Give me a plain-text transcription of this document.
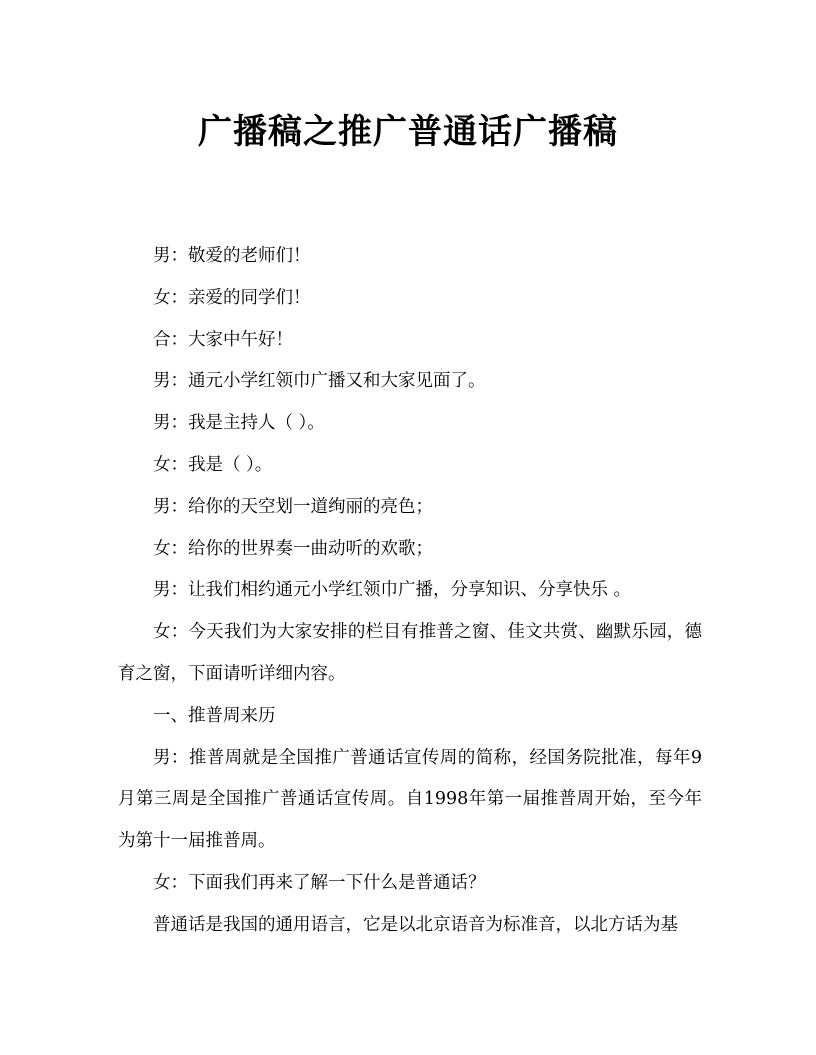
广播稿之推广普通话广播稿

男：敬爱的老师们！

女：亲爱的同学们！

合：大家中午好！

男：通元小学红领巾广播又和大家见面了。

男：我是主持人（ ）。

女：我是（ ）。

男：给你的天空划一道绚丽的亮色；

女：给你的世界奏一曲动听的欢歌；

男：让我们相约通元小学红领巾广播，分享知识、分享快乐 。

女：今天我们为大家安排的栏目有推普之窗、佳文共赏、幽默乐园，德育之窗，下面请听详细内容。

一、推普周来历

男：推普周就是全国推广普通话宣传周的简称，经国务院批准，每年9月第三周是全国推广普通话宣传周。自1998年第一届推普周开始，至今年为第十一届推普周。

女：下面我们再来了解一下什么是普通话？

普通话是我国的通用语言，它是以北京语音为标准音，以北方话为基
